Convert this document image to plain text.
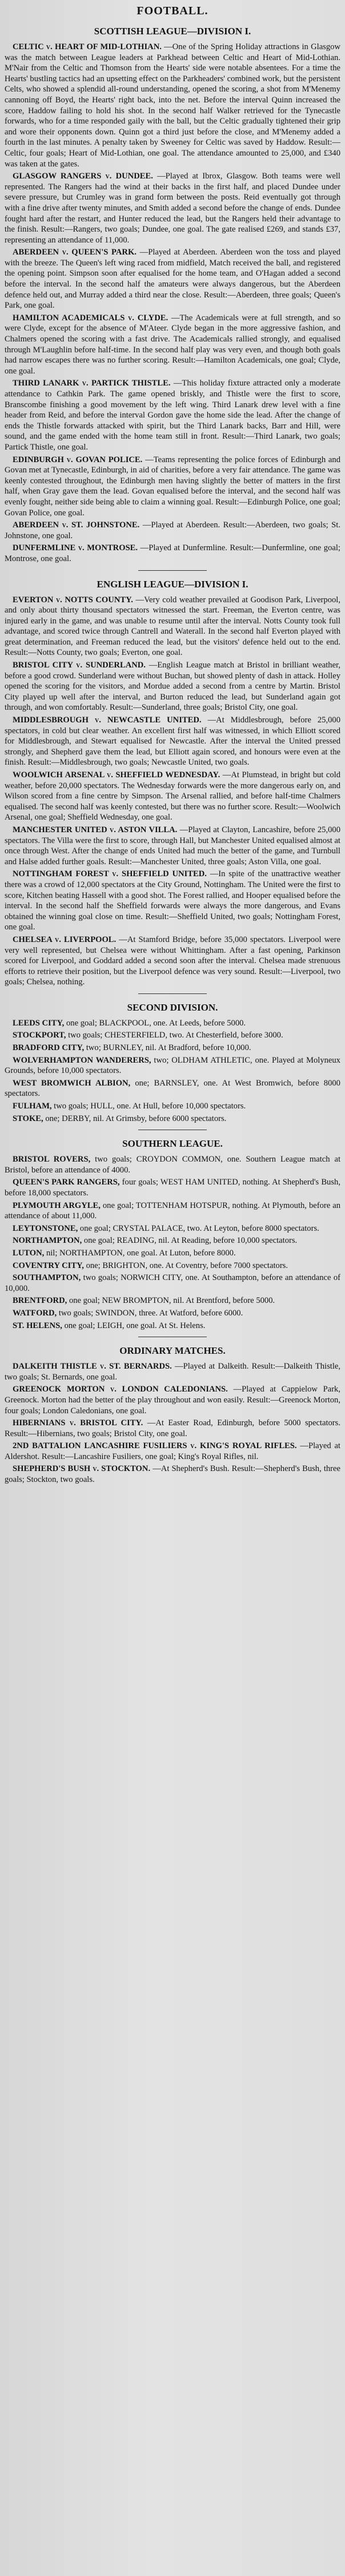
FOOTBALL.
SCOTTISH LEAGUE—DIVISION I.

CELTIC v. HEART OF MID-LOTHIAN. —One of the Spring Holiday attractions in Glasgow was the match between League leaders at Parkhead between Celtic and Heart of Mid-Lothian. M'Nair from the Celtic and Thomson from the Hearts' side were notable absentees. For a time the Hearts' bustling tactics had an upsetting effect on the Parkheaders' combined work, but the persistent Celts, who showed a splendid all-round understanding, opened the scoring, a shot from M'Menemy cannoning off Boyd, the Hearts' right back, into the net. Before the interval Quinn increased the score, Haddow failing to hold his shot. In the second half Walker retrieved for the Tynecastle forwards, who for a time responded gaily with the ball, but the Celtic gradually tightened their grip and wore their opponents down. Quinn got a third just before the close, and M'Menemy added a fourth in the last minutes. A penalty taken by Sweeney for Celtic was saved by Haddow. Result:—Celtic, four goals; Heart of Mid-Lothian, one goal. The attendance amounted to 25,000, and £340 was taken at the gates.

GLASGOW RANGERS v. DUNDEE. —Played at Ibrox, Glasgow. Both teams were well represented. The Rangers had the wind at their backs in the first half, and placed Dundee under severe pressure, but Crumley was in grand form between the posts. Reid eventually got through with a fine drive after twenty minutes, and Smith added a second before the change of ends. Dundee fought hard after the restart, and Hunter reduced the lead, but the Rangers held their advantage to the finish. Result:—Rangers, two goals; Dundee, one goal. The gate realised £269, and stands £37, representing an attendance of 11,000.

ABERDEEN v. QUEEN'S PARK. —Played at Aberdeen. Aberdeen won the toss and played with the breeze. The Queen's left wing raced from midfield, Match received the ball, and registered the opening point. Simpson soon after equalised for the home team, and O'Hagan added a second before the interval. In the second half the amateurs were always dangerous, but the Aberdeen defence held out, and Murray added a third near the close. Result:—Aberdeen, three goals; Queen's Park, one goal.

HAMILTON ACADEMICALS v. CLYDE. —The Academicals were at full strength, and so were Clyde, except for the absence of M'Ateer. Clyde began in the more aggressive fashion, and Chalmers opened the scoring with a fast drive. The Academicals rallied strongly, and equalised through M'Laughlin before half-time. In the second half play was very even, and though both goals had narrow escapes there was no further scoring. Result:—Hamilton Academicals, one goal; Clyde, one goal.

THIRD LANARK v. PARTICK THISTLE. —This holiday fixture attracted only a moderate attendance to Cathkin Park. The game opened briskly, and Thistle were the first to score, Branscombe finishing a good movement by the left wing. Third Lanark drew level with a fine header from Reid, and before the interval Gordon gave the home side the lead. After the change of ends the Thistle forwards attacked with spirit, but the Third Lanark backs, Barr and Hill, were sound, and the game ended with the home team still in front. Result:—Third Lanark, two goals; Partick Thistle, one goal.

EDINBURGH v. GOVAN POLICE. —Teams representing the police forces of Edinburgh and Govan met at Tynecastle, Edinburgh, in aid of charities, before a very fair attendance. The game was keenly contested throughout, the Edinburgh men having slightly the better of matters in the first half, when Gray gave them the lead. Govan equalised before the interval, and the second half was evenly fought, neither side being able to claim a winning goal. Result:—Edinburgh Police, one goal; Govan Police, one goal.

ABERDEEN v. ST. JOHNSTONE. —Played at Aberdeen. Result:—Aberdeen, two goals; St. Johnstone, one goal.

DUNFERMLINE v. MONTROSE. —Played at Dunfermline. Result:—Dunfermline, one goal; Montrose, one goal.

ENGLISH LEAGUE—DIVISION I.

EVERTON v. NOTTS COUNTY. —Very cold weather prevailed at Goodison Park, Liverpool, and only about thirty thousand spectators witnessed the start. Freeman, the Everton centre, was injured early in the game, and was unable to resume until after the interval. Notts County took full advantage, and scored twice through Cantrell and Waterall. In the second half Everton played with great determination, and Freeman reduced the lead, but the visitors' defence held out to the end. Result:—Notts County, two goals; Everton, one goal.

BRISTOL CITY v. SUNDERLAND. —English League match at Bristol in brilliant weather, before a good crowd. Sunderland were without Buchan, but showed plenty of dash in attack. Holley opened the scoring for the visitors, and Mordue added a second from a centre by Martin. Bristol City played up well after the interval, and Burton reduced the lead, but Sunderland again got through, and won comfortably. Result:—Sunderland, three goals; Bristol City, one goal.

MIDDLESBROUGH v. NEWCASTLE UNITED. —At Middlesbrough, before 25,000 spectators, in cold but clear weather. An excellent first half was witnessed, in which Elliott scored for Middlesbrough, and Stewart equalised for Newcastle. After the interval the United pressed strongly, and Shepherd gave them the lead, but Elliott again scored, and honours were even at the finish. Result:—Middlesbrough, two goals; Newcastle United, two goals.

WOOLWICH ARSENAL v. SHEFFIELD WEDNESDAY. —At Plumstead, in bright but cold weather, before 20,000 spectators. The Wednesday forwards were the more dangerous early on, and Wilson scored from a fine centre by Simpson. The Arsenal rallied, and before half-time Chalmers equalised. The second half was keenly contested, but there was no further score. Result:—Woolwich Arsenal, one goal; Sheffield Wednesday, one goal.

MANCHESTER UNITED v. ASTON VILLA. —Played at Clayton, Lancashire, before 25,000 spectators. The Villa were the first to score, through Hall, but Manchester United equalised almost at once through West. After the change of ends United had much the better of the game, and Turnbull and Halse added further goals. Result:—Manchester United, three goals; Aston Villa, one goal.

NOTTINGHAM FOREST v. SHEFFIELD UNITED. —In spite of the unattractive weather there was a crowd of 12,000 spectators at the City Ground, Nottingham. The United were the first to score, Kitchen beating Hassell with a good shot. The Forest rallied, and Hooper equalised before the interval. In the second half the Sheffield forwards were always the more dangerous, and Evans obtained the winning goal close on time. Result:—Sheffield United, two goals; Nottingham Forest, one goal.

CHELSEA v. LIVERPOOL. —At Stamford Bridge, before 35,000 spectators. Liverpool were very well represented, but Chelsea were without Whittingham. After a fast opening, Parkinson scored for Liverpool, and Goddard added a second soon after the interval. Chelsea made strenuous efforts to retrieve their position, but the Liverpool defence was very sound. Result:—Liverpool, two goals; Chelsea, nothing.

SECOND DIVISION.

LEEDS CITY, one goal; BLACKPOOL, one. At Leeds, before 5000.

STOCKPORT, two goals; CHESTERFIELD, two. At Chesterfield, before 3000.

BRADFORD CITY, two; BURNLEY, nil. At Bradford, before 10,000.

WOLVERHAMPTON WANDERERS, two; OLDHAM ATHLETIC, one. Played at Molyneux Grounds, before 10,000 spectators.

WEST BROMWICH ALBION, one; BARNSLEY, one. At West Bromwich, before 8000 spectators.

FULHAM, two goals; HULL, one. At Hull, before 10,000 spectators.

STOKE, one; DERBY, nil. At Grimsby, before 6000 spectators.

SOUTHERN LEAGUE.

BRISTOL ROVERS, two goals; CROYDON COMMON, one. Southern League match at Bristol, before an attendance of 4000.

QUEEN'S PARK RANGERS, four goals; WEST HAM UNITED, nothing. At Shepherd's Bush, before 18,000 spectators.

PLYMOUTH ARGYLE, one goal; TOTTENHAM HOTSPUR, nothing. At Plymouth, before an attendance of about 11,000.

LEYTONSTONE, one goal; CRYSTAL PALACE, two. At Leyton, before 8000 spectators.

NORTHAMPTON, one goal; READING, nil. At Reading, before 10,000 spectators.

LUTON, nil; NORTHAMPTON, one goal. At Luton, before 8000.

COVENTRY CITY, one; BRIGHTON, one. At Coventry, before 7000 spectators.

SOUTHAMPTON, two goals; NORWICH CITY, one. At Southampton, before an attendance of 10,000.

BRENTFORD, one goal; NEW BROMPTON, nil. At Brentford, before 5000.

WATFORD, two goals; SWINDON, three. At Watford, before 6000.

ST. HELENS, one goal; LEIGH, one goal. At St. Helens.

ORDINARY MATCHES.

DALKEITH THISTLE v. ST. BERNARDS. —Played at Dalkeith. Result:—Dalkeith Thistle, two goals; St. Bernards, one goal.

GREENOCK MORTON v. LONDON CALEDONIANS. —Played at Cappielow Park, Greenock. Morton had the better of the play throughout and won easily. Result:—Greenock Morton, four goals; London Caledonians, one goal.

HIBERNIANS v. BRISTOL CITY. —At Easter Road, Edinburgh, before 5000 spectators. Result:—Hibernians, two goals; Bristol City, one goal.

2ND BATTALION LANCASHIRE FUSILIERS v. KING'S ROYAL RIFLES. —Played at Aldershot. Result:—Lancashire Fusiliers, one goal; King's Royal Rifles, nil.

SHEPHERD'S BUSH v. STOCKTON. —At Shepherd's Bush. Result:—Shepherd's Bush, three goals; Stockton, two goals.
